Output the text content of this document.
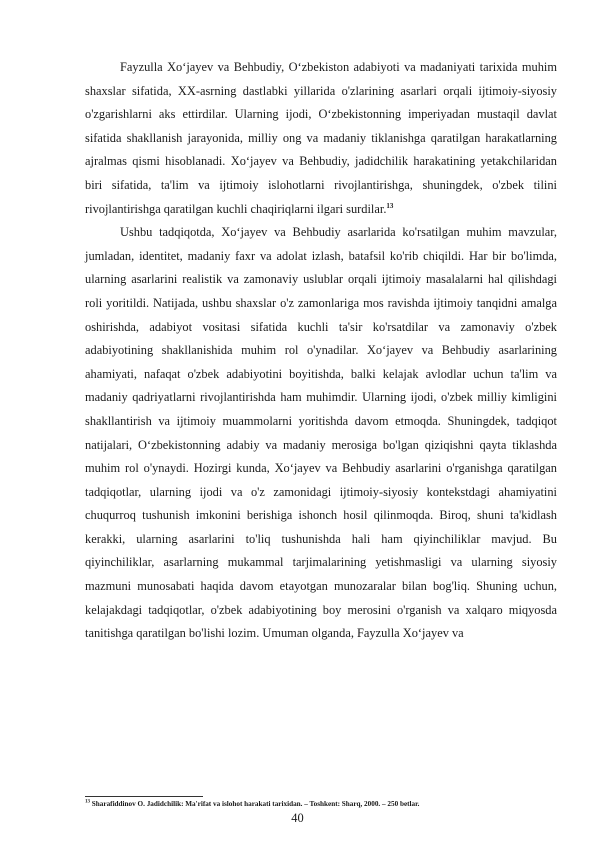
Fayzulla Xoʻjayev va Behbudiy, Oʻzbekiston adabiyoti va madaniyati tarixida muhim shaxslar sifatida, XX-asrning dastlabki yillarida o'zlarining asarlari orqali ijtimoiy-siyosiy o'zgarishlarni aks ettirdilar. Ularning ijodi, Oʻzbekistonning imperiyadan mustaqil davlat sifatida shakllanish jarayonida, milliy ong va madaniy tiklanishga qaratilgan harakatlarning ajralmas qismi hisoblanadi. Xoʻjayev va Behbudiy, jadidchilik harakatining yetakchilaridan biri sifatida, ta'lim va ijtimoiy islohotlarni rivojlantirishga, shuningdek, o'zbek tilini rivojlantirishga qaratilgan kuchli chaqiriqlarni ilgari surdilar.$^{13}$

Ushbu tadqiqotda, Xoʻjayev va Behbudiy asarlarida ko'rsatilgan muhim mavzular, jumladan, identitet, madaniy faxr va adolat izlash, batafsil ko'rib chiqildi. Har bir bo'limda, ularning asarlarini realistik va zamonaviy uslublar orqali ijtimoiy masalalarni hal qilishdagi roli yoritildi. Natijada, ushbu shaxslar o'z zamonlariga mos ravishda ijtimoiy tanqidni amalga oshirishda, adabiyot vositasi sifatida kuchli ta'sir ko'rsatdilar va zamonaviy o'zbek adabiyotining shakllanishida muhim rol o'ynadilar. Xoʻjayev va Behbudiy asarlarining ahamiyati, nafaqat o'zbek adabiyotini boyitishda, balki kelajak avlodlar uchun ta'lim va madaniy qadriyatlarni rivojlantirishda ham muhimdir. Ularning ijodi, o'zbek milliy kimligini shakllantirish va ijtimoiy muammolarni yoritishda davom etmoqda. Shuningdek, tadqiqot natijalari, Oʻzbekistonning adabiy va madaniy merosiga bo'lgan qiziqishni qayta tiklashda muhim rol o'ynaydi. Hozirgi kunda, Xoʻjayev va Behbudiy asarlarini o'rganishga qaratilgan tadqiqotlar, ularning ijodi va o'z zamonidagi ijtimoiy-siyosiy kontekstdagi ahamiyatini chuqurroq tushunish imkonini berishiga ishonch hosil qilinmoqda. Biroq, shuni ta'kidlash kerakki, ularning asarlarini to'liq tushunishda hali ham qiyinchiliklar mavjud. Bu qiyinchiliklar, asarlarning mukammal tarjimalarining yetishmasligi va ularning siyosiy mazmuni munosabati haqida davom etayotgan munozaralar bilan bog'liq. Shuning uchun, kelajakdagi tadqiqotlar, o'zbek adabiyotining boy merosini o'rganish va xalqaro miqyosda tanitishga qaratilgan bo'lishi lozim. Umuman olganda, Fayzulla Xoʻjayev va

$^{13}$ Sharafiddinov O. Jadidchilik: Ma'rifat va islohot harakati tarixidan. – Toshkent: Sharq, 2000. – 250 betlar.
40
